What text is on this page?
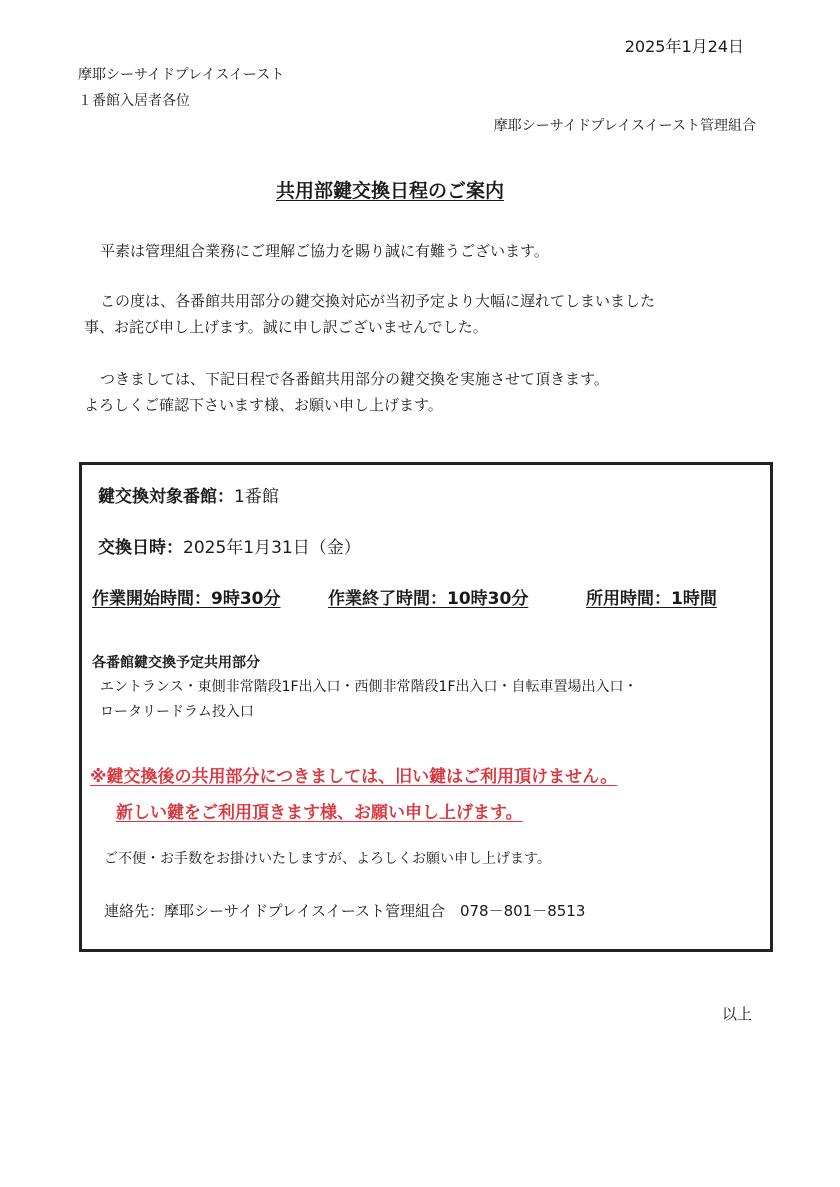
2025年1月24日
摩耶シーサイドプレイスイースト
１番館入居者各位
摩耶シーサイドプレイスイースト管理組合
共用部鍵交換日程のご案内
平素は管理組合業務にご理解ご協力を賜り誠に有難うございます。
この度は、各番館共用部分の鍵交換対応が当初予定より大幅に遅れてしまいました
事、お詫び申し上げます。誠に申し訳ございませんでした。
つきましては、下記日程で各番館共用部分の鍵交換を実施させて頂きます。
よろしくご確認下さいます様、お願い申し上げます。
鍵交換対象番館：1番館
交換日時：2025年1月31日（金）
作業開始時間：9時30分	作業終了時間：10時30分	所用時間：1時間
各番館鍵交換予定共用部分
エントランス・東側非常階段1F出入口・西側非常階段1F出入口・自転車置場出入口・
ロータリードラム投入口
※鍵交換後の共用部分につきましては、旧い鍵はご利用頂けません。
新しい鍵をご利用頂きます様、お願い申し上げます。
ご不便・お手数をお掛けいたしますが、よろしくお願い申し上げます。
連絡先：摩耶シーサイドプレイスイースト管理組合　078－801－8513
以上
